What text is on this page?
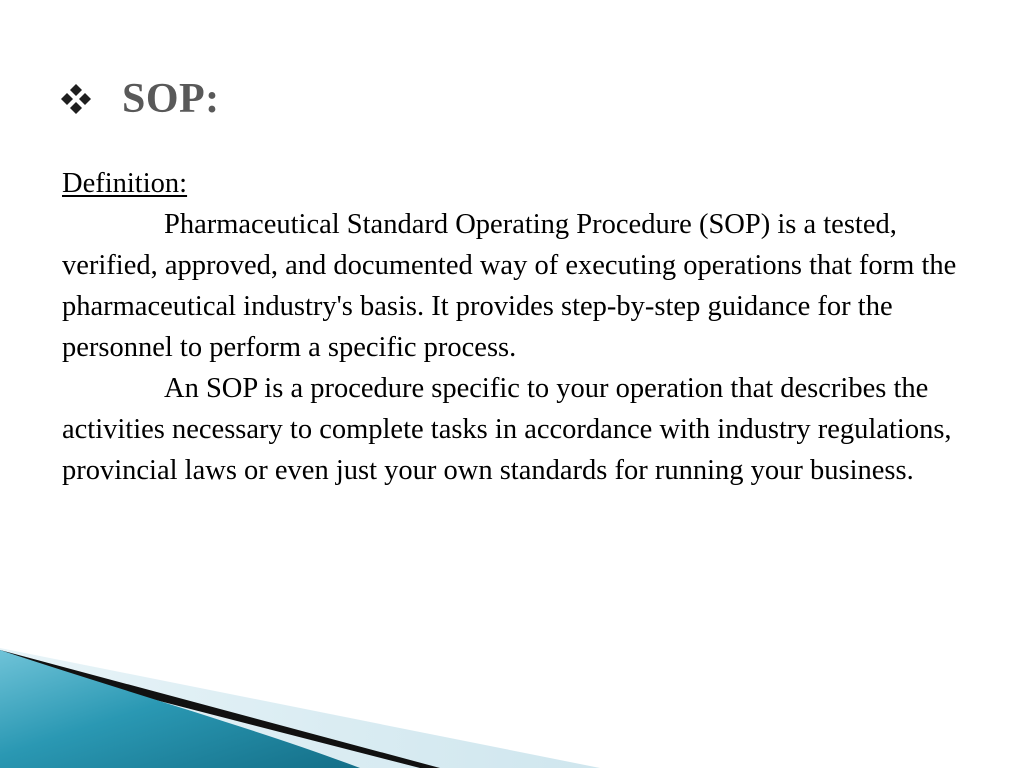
SOP:

Definition:

Pharmaceutical Standard Operating Procedure (SOP) is a tested, verified, approved, and documented way of executing operations that form the pharmaceutical industry's basis. It provides step-by-step guidance for the personnel to perform a specific process.

An SOP is a procedure specific to your operation that describes the activities necessary to complete tasks in accordance with industry regulations, provincial laws or even just your own standards for running your business.
